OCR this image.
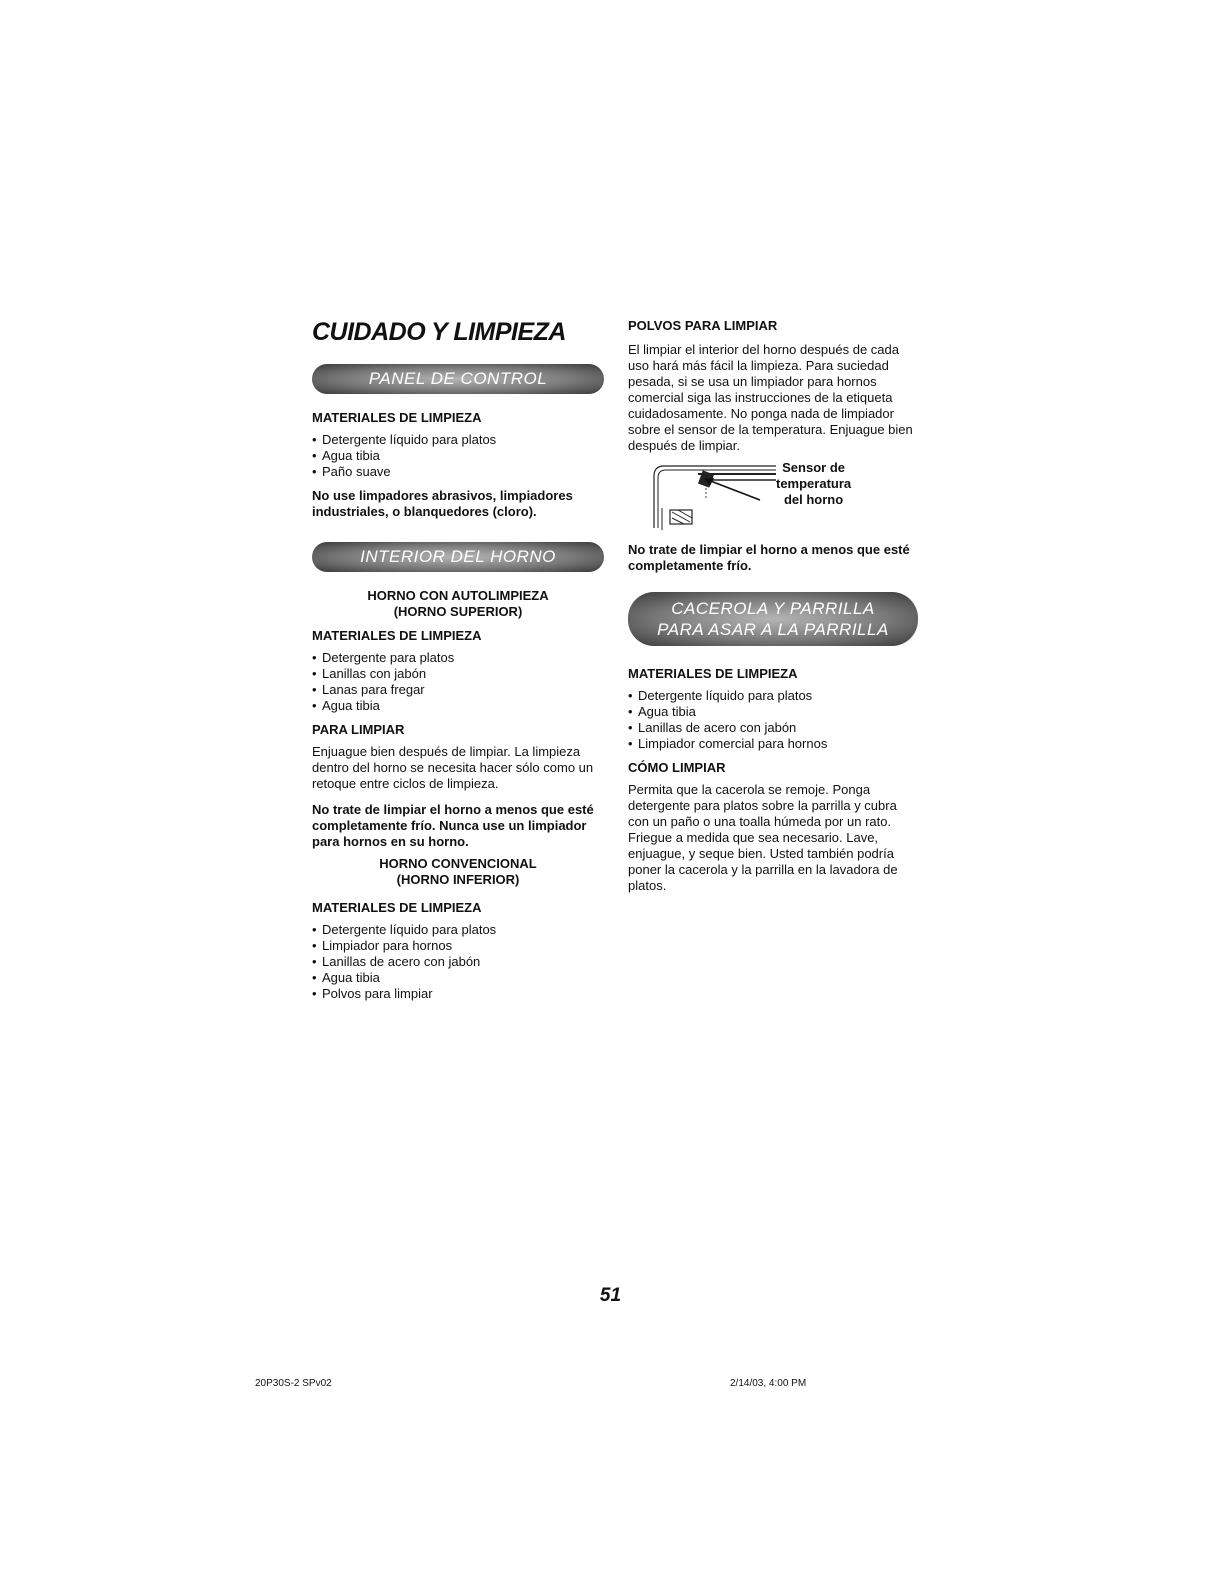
CUIDADO Y LIMPIEZA
PANEL DE CONTROL
MATERIALES DE LIMPIEZA
• Detergente líquido para platos
• Agua tibia
• Paño suave
No use limpadores abrasivos, limpiadores industriales, o blanquedores (cloro).
INTERIOR DEL HORNO
HORNO CON AUTOLIMPIEZA
(HORNO SUPERIOR)
MATERIALES DE LIMPIEZA
• Detergente para platos
• Lanillas con jabón
• Lanas para fregar
• Agua tibia
PARA LIMPIAR

Enjuague bien después de limpiar. La limpieza dentro del horno se necesita hacer sólo como un retoque entre ciclos de limpieza.

No trate de limpiar el horno a menos que esté completamente frío. Nunca use un limpiador para hornos en su horno.
HORNO CONVENCIONAL
(HORNO INFERIOR)
MATERIALES DE LIMPIEZA
• Detergente líquido para platos
• Limpiador para hornos
• Lanillas de acero con jabón
• Agua tibia
• Polvos para limpiar
POLVOS PARA LIMPIAR

El limpiar el interior del horno después de cada uso hará más fácil la limpieza. Para suciedad pesada, si se usa un limpiador para hornos comercial siga las instrucciones de la etiqueta cuidadosamente. No ponga nada de limpiador sobre el sensor de la temperatura. Enjuague bien después de limpiar.

Sensor de
temperatura
del horno
No trate de limpiar el horno a menos que esté completamente frío.
CACEROLA Y PARRILLA
PARA ASAR A LA PARRILLA
MATERIALES DE LIMPIEZA
• Detergente líquido para platos
• Agua tibia
• Lanillas de acero con jabón
• Limpiador comercial para hornos
CÓMO LIMPIAR

Permita que la cacerola se remoje. Ponga detergente para platos sobre la parrilla y cubra con un paño o una toalla húmeda por un rato. Friegue a medida que sea necesario. Lave, enjuague, y seque bien. Usted también podría poner la cacerola y la parrilla en la lavadora de platos.

51
20P30S-2 SPv02	2/14/03, 4:00 PM
